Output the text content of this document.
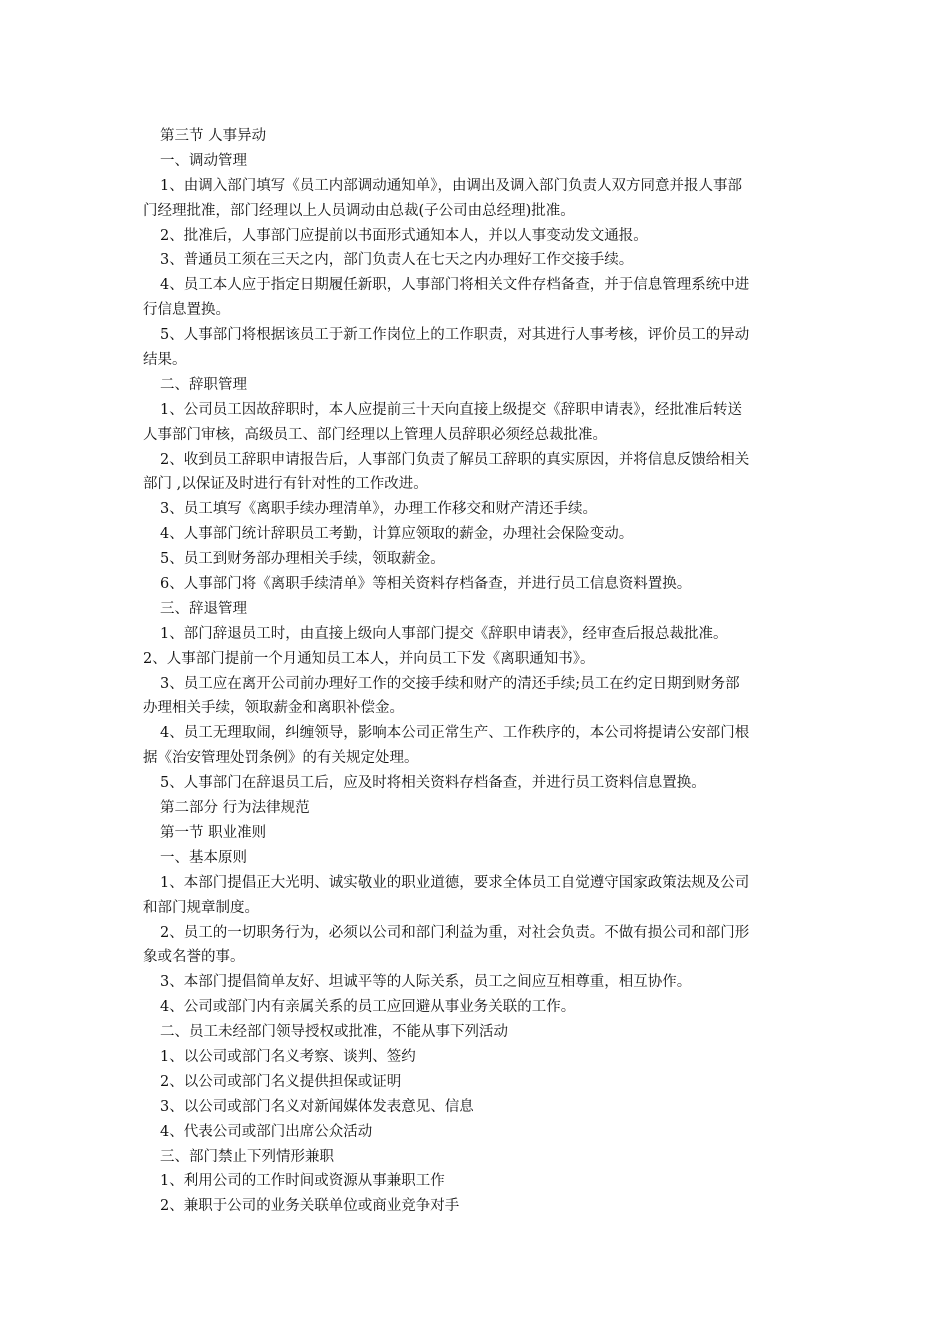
第三节 人事异动
一、调动管理
1、由调入部门填写《员工内部调动通知单》，由调出及调入部门负责人双方同意并报人事部
门经理批准，部门经理以上人员调动由总裁(子公司由总经理)批准。
2、批准后，人事部门应提前以书面形式通知本人，并以人事变动发文通报。
3、普通员工须在三天之内，部门负责人在七天之内办理好工作交接手续。
4、员工本人应于指定日期履任新职，人事部门将相关文件存档备查，并于信息管理系统中进
行信息置换。
5、人事部门将根据该员工于新工作岗位上的工作职责，对其进行人事考核，评价员工的异动
结果。
二、辞职管理
1、公司员工因故辞职时，本人应提前三十天向直接上级提交《辞职申请表》，经批准后转送
人事部门审核，高级员工、部门经理以上管理人员辞职必须经总裁批准。
2、收到员工辞职申请报告后，人事部门负责了解员工辞职的真实原因，并将信息反馈给相关
部门 ,以保证及时进行有针对性的工作改进。
3、员工填写《离职手续办理清单》，办理工作移交和财产清还手续。
4、人事部门统计辞职员工考勤，计算应领取的薪金，办理社会保险变动。
5、员工到财务部办理相关手续，领取薪金。
6、人事部门将《离职手续清单》等相关资料存档备查，并进行员工信息资料置换。
三、辞退管理
1、部门辞退员工时，由直接上级向人事部门提交《辞职申请表》，经审查后报总裁批准。
2、人事部门提前一个月通知员工本人，并向员工下发《离职通知书》。
3、员工应在离开公司前办理好工作的交接手续和财产的清还手续;员工在约定日期到财务部
办理相关手续，领取薪金和离职补偿金。
4、员工无理取闹，纠缠领导，影响本公司正常生产、工作秩序的，本公司将提请公安部门根
据《治安管理处罚条例》的有关规定处理。
5、人事部门在辞退员工后，应及时将相关资料存档备查，并进行员工资料信息置换。
第二部分 行为法律规范
第一节 职业准则
一、基本原则
1、本部门提倡正大光明、诚实敬业的职业道德，要求全体员工自觉遵守国家政策法规及公司
和部门规章制度。
2、员工的一切职务行为，必须以公司和部门利益为重，对社会负责。不做有损公司和部门形
象或名誉的事。
3、本部门提倡简单友好、坦诚平等的人际关系，员工之间应互相尊重，相互协作。
4、公司或部门内有亲属关系的员工应回避从事业务关联的工作。
二、员工未经部门领导授权或批准，不能从事下列活动
1、以公司或部门名义考察、谈判、签约
2、以公司或部门名义提供担保或证明
3、以公司或部门名义对新闻媒体发表意见、信息
4、代表公司或部门出席公众活动
三、部门禁止下列情形兼职
1、利用公司的工作时间或资源从事兼职工作
2、兼职于公司的业务关联单位或商业竞争对手
